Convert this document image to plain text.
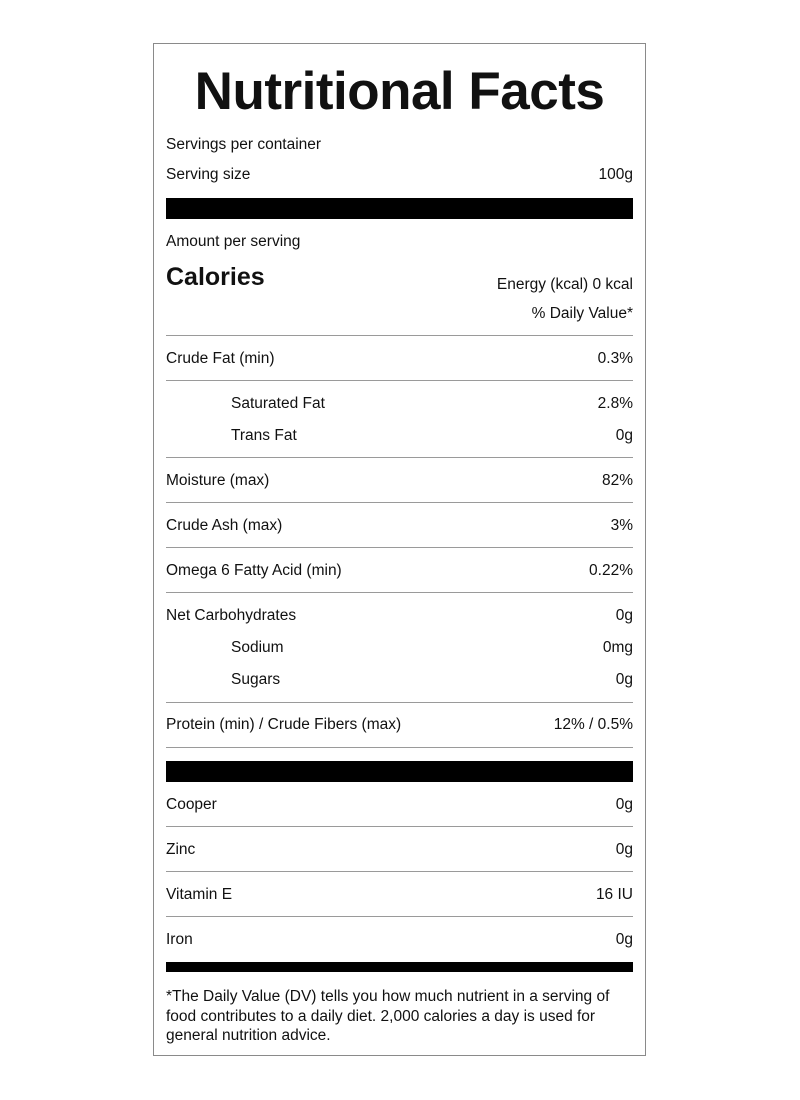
Nutritional Facts
Servings per container
Serving size	100g
Amount per serving
Calories	Energy (kcal) 0 kcal
% Daily Value*
Crude Fat (min)	0.3%
Saturated Fat	2.8%
Trans Fat	0g
Moisture (max)	82%
Crude Ash (max)	3%
Omega 6 Fatty Acid (min)	0.22%
Net Carbohydrates	0g
Sodium	0mg
Sugars	0g
Protein (min) / Crude Fibers (max)	12% / 0.5%
Cooper	0g
Zinc	0g
Vitamin E	16 IU
Iron	0g
*The Daily Value (DV) tells you how much nutrient in a serving of food contributes to a daily diet. 2,000 calories a day is used for general nutrition advice.
